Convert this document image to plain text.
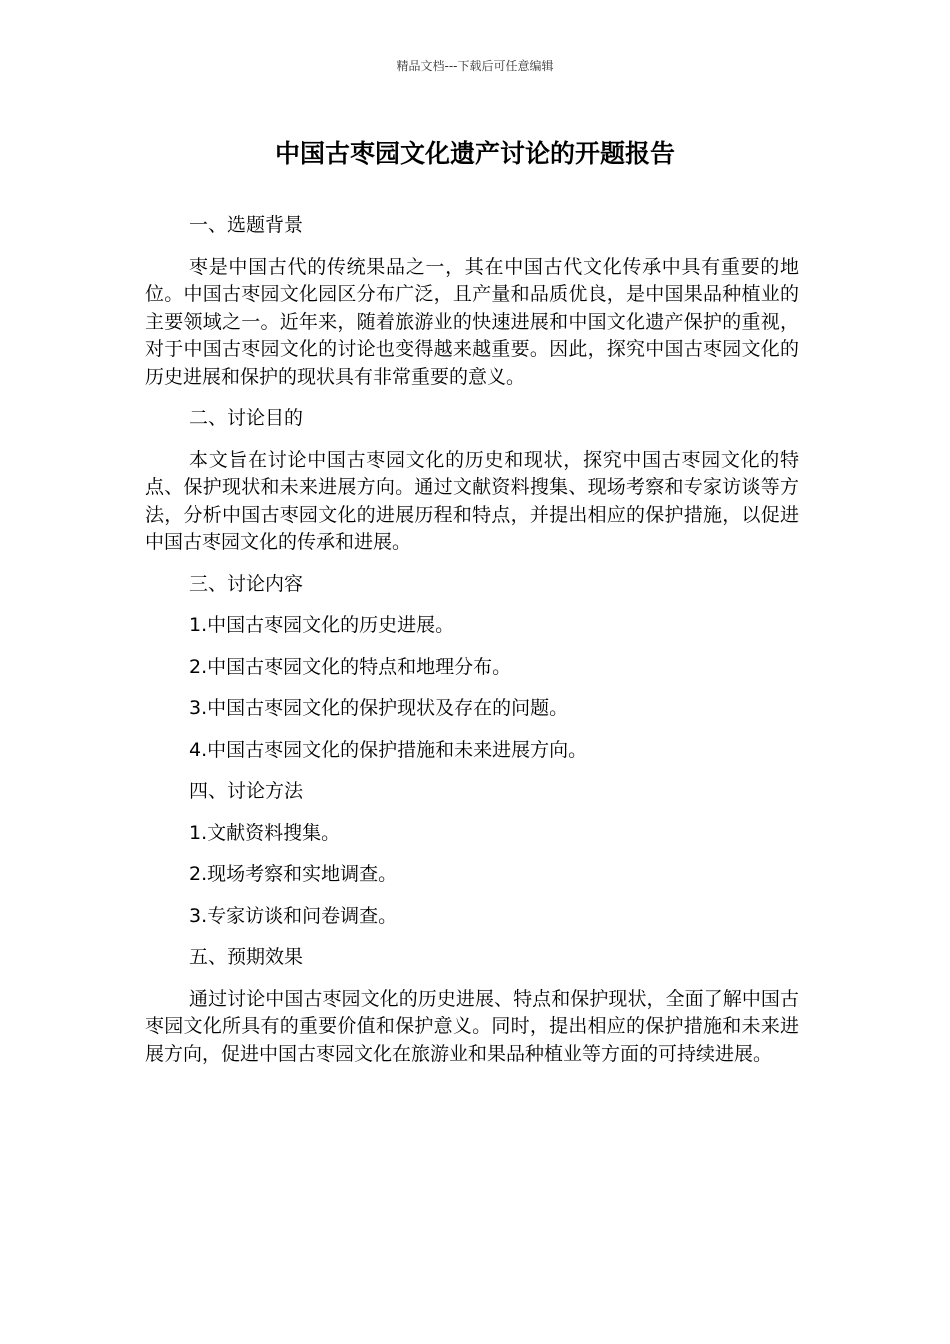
精品文档---下载后可任意编辑
中国古枣园文化遗产讨论的开题报告

一、选题背景

枣是中国古代的传统果品之一，其在中国古代文化传承中具有重要的地位。中国古枣园文化园区分布广泛，且产量和品质优良，是中国果品种植业的主要领域之一。近年来，随着旅游业的快速进展和中国文化遗产保护的重视，对于中国古枣园文化的讨论也变得越来越重要。因此，探究中国古枣园文化的历史进展和保护的现状具有非常重要的意义。

二、讨论目的

本文旨在讨论中国古枣园文化的历史和现状，探究中国古枣园文化的特点、保护现状和未来进展方向。通过文献资料搜集、现场考察和专家访谈等方法，分析中国古枣园文化的进展历程和特点，并提出相应的保护措施，以促进中国古枣园文化的传承和进展。

三、讨论内容

1.中国古枣园文化的历史进展。

2.中国古枣园文化的特点和地理分布。

3.中国古枣园文化的保护现状及存在的问题。

4.中国古枣园文化的保护措施和未来进展方向。

四、讨论方法

1.文献资料搜集。

2.现场考察和实地调查。

3.专家访谈和问卷调查。

五、预期效果

通过讨论中国古枣园文化的历史进展、特点和保护现状，全面了解中国古枣园文化所具有的重要价值和保护意义。同时，提出相应的保护措施和未来进展方向，促进中国古枣园文化在旅游业和果品种植业等方面的可持续进展。
